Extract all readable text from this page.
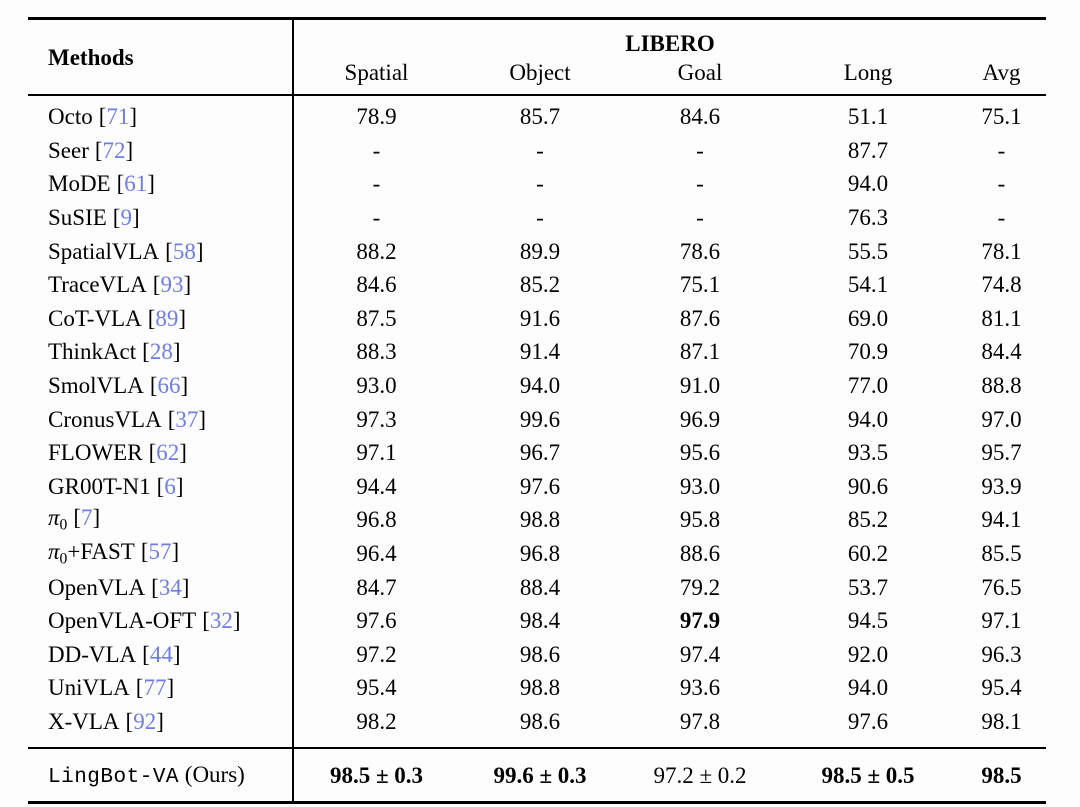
Methods	LIBERO				
	Spatial	Object	Goal	Long	Avg
Octo [71]	78.9	85.7	84.6	51.1	75.1
Seer [72]	-	-	-	87.7	-
MoDE [61]	-	-	-	94.0	-
SuSIE [9]	-	-	-	76.3	-
SpatialVLA [58]	88.2	89.9	78.6	55.5	78.1
TraceVLA [93]	84.6	85.2	75.1	54.1	74.8
CoT-VLA [89]	87.5	91.6	87.6	69.0	81.1
ThinkAct [28]	88.3	91.4	87.1	70.9	84.4
SmolVLA [66]	93.0	94.0	91.0	77.0	88.8
CronusVLA [37]	97.3	99.6	96.9	94.0	97.0
FLOWER [62]	97.1	96.7	95.6	93.5	95.7
GR00T-N1 [6]	94.4	97.6	93.0	90.6	93.9
$\pi_0$ [7]	96.8	98.8	95.8	85.2	94.1
$\pi_0+FAST$ [57]	96.4	96.8	88.6	60.2	85.5
OpenVLA [34]	84.7	88.4	79.2	53.7	76.5
OpenVLA-OFT [32]	97.6	98.4	97.9	94.5	97.1
DD-VLA [44]	97.2	98.6	97.4	92.0	96.3
UniVLA [77]	95.4	98.8	93.6	94.0	95.4
X-VLA [92]	98.2	98.6	97.8	97.6	98.1
LingBot-VA (Ours)	98.5 ± 0.3	99.6 ± 0.3	97.2 ± 0.2	98.5 ± 0.5	98.5
